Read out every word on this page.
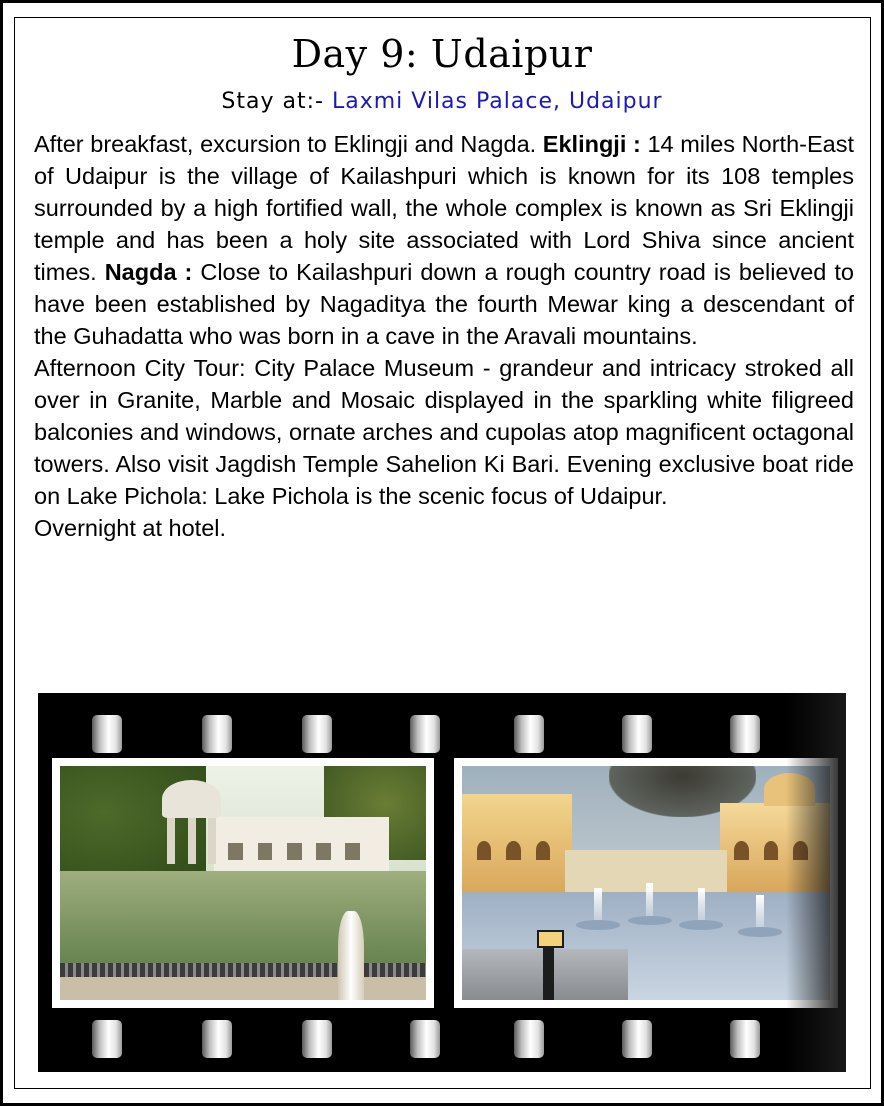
Day 9: Udaipur
Stay at:- Laxmi Vilas Palace, Udaipur

After breakfast, excursion to Eklingji and Nagda. Eklingji : 14 miles North-East of Udaipur is the village of Kailashpuri which is known for its 108 temples surrounded by a high fortified wall, the whole complex is known as Sri Eklingji temple and has been a holy site associated with Lord Shiva since ancient times. Nagda : Close to Kailashpuri down a rough country road is believed to have been established by Nagaditya the fourth Mewar king a descendant of the Guhadatta who was born in a cave in the Aravali mountains.

Afternoon City Tour: City Palace Museum - grandeur and intricacy stroked all over in Granite, Marble and Mosaic displayed in the sparkling white filigreed balconies and windows, ornate arches and cupolas atop magnificent octagonal towers. Also visit Jagdish Temple Sahelion Ki Bari. Evening exclusive boat ride on Lake Pichola: Lake Pichola is the scenic focus of Udaipur.

Overnight at hotel.
